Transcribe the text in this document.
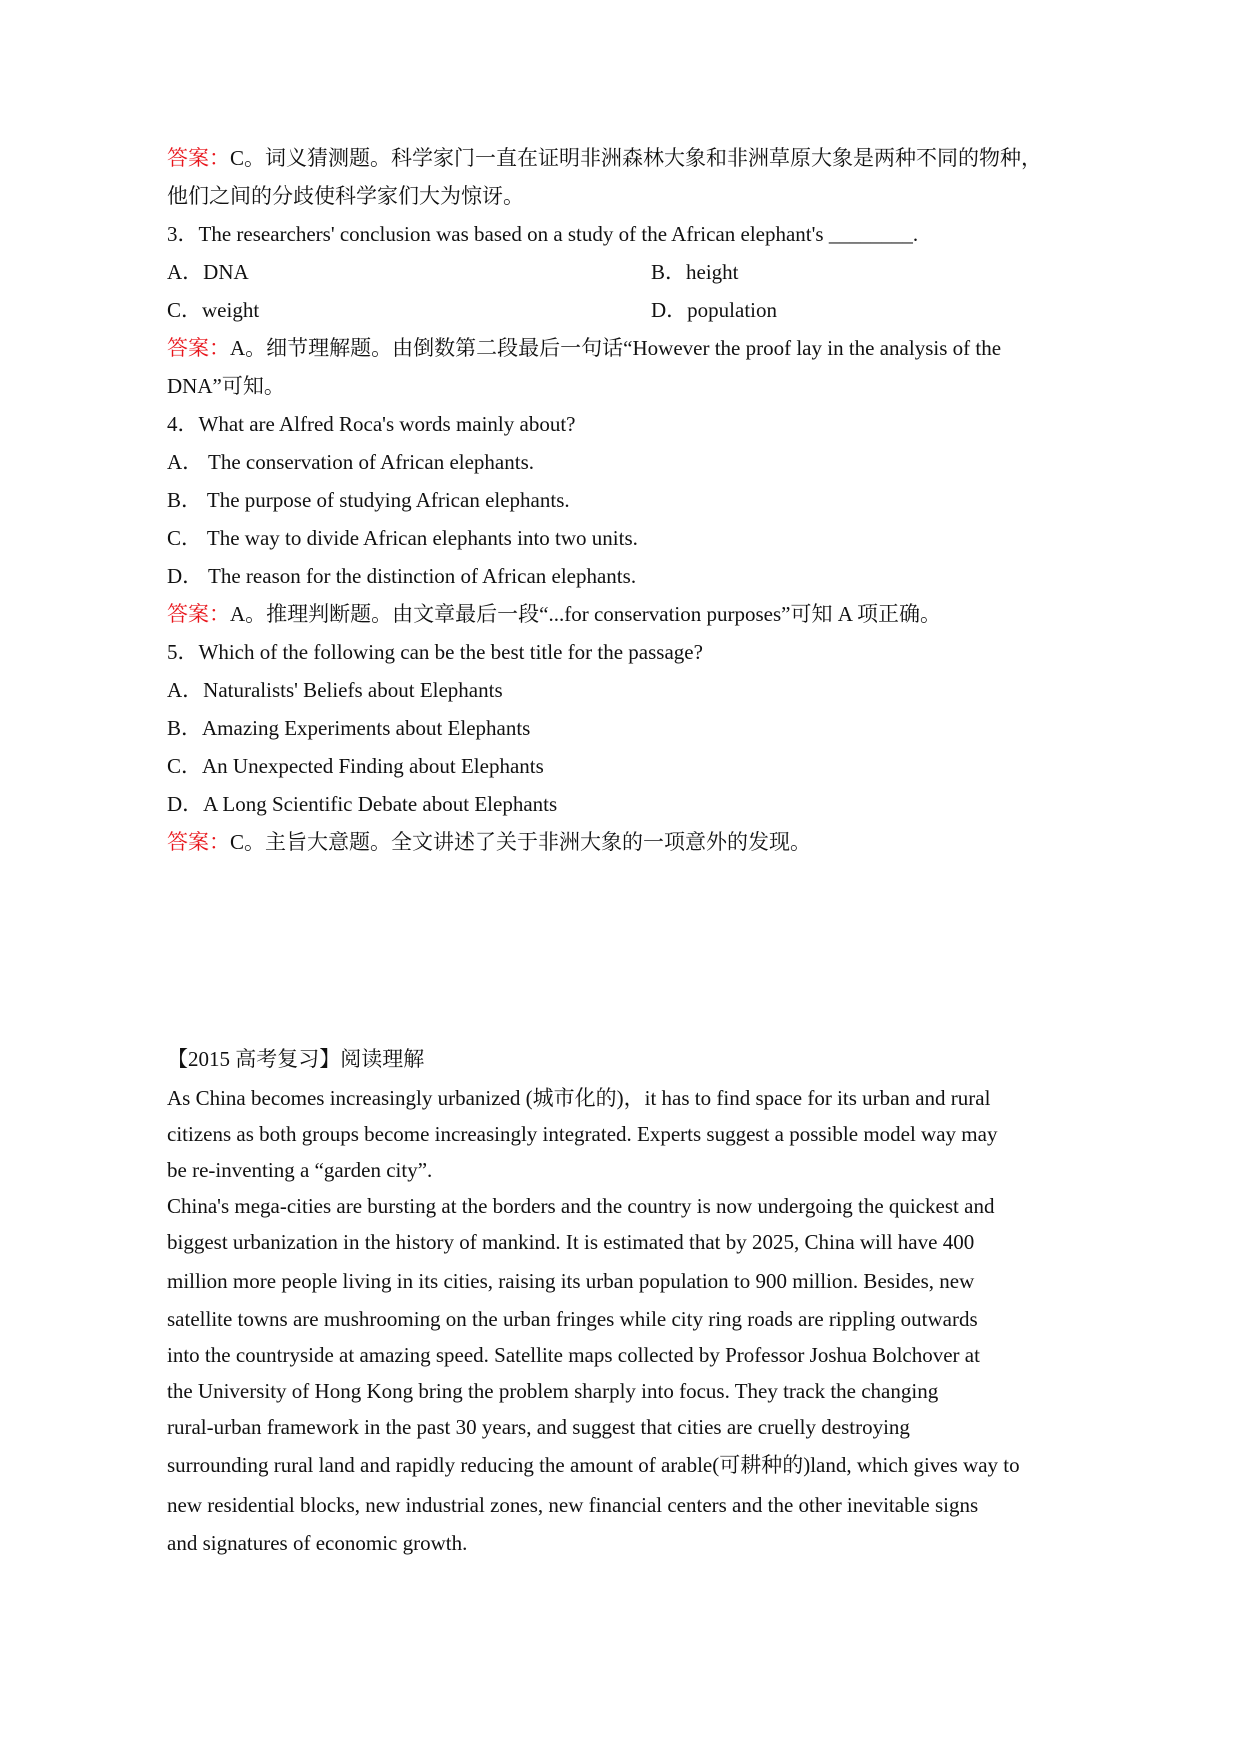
答案：C。词义猜测题。科学家门一直在证明非洲森林大象和非洲草原大象是两种不同的物种，
他们之间的分歧使科学家们大为惊讶。
3．The researchers' conclusion was based on a study of the African elephant's ________.
A．DNA	B．height
C．weight	D．population
答案：A。细节理解题。由倒数第二段最后一句话“However the proof lay in the analysis of the
DNA”可知。
4．What are Alfred Roca's words mainly about?
A． The conservation of African elephants.
B． The purpose of studying African elephants.
C． The way to divide African elephants into two units.
D． The reason for the distinction of African elephants.
答案：A。推理判断题。由文章最后一段“...for conservation purposes”可知 A 项正确。
5．Which of the following can be the best title for the passage?
A．Naturalists' Beliefs about Elephants
B．Amazing Experiments about Elephants
C．An Unexpected Finding about Elephants
D．A Long Scientific Debate about Elephants
答案：C。主旨大意题。全文讲述了关于非洲大象的一项意外的发现。
【2015 高考复习】阅读理解
As China becomes increasingly urbanized (城市化的)，it has to find space for its urban and rural
citizens as both groups become increasingly integrated. Experts suggest a possible model way may
be re-inventing a “garden city”.
China's mega-cities are bursting at the borders and the country is now undergoing the quickest and
biggest urbanization in the history of mankind. It is estimated that by 2025, China will have 400
million more people living in its cities, raising its urban population to 900 million. Besides, new
satellite towns are mushrooming on the urban fringes while city ring roads are rippling outwards
into the countryside at amazing speed. Satellite maps collected by Professor Joshua Bolchover at
the University of Hong Kong bring the problem sharply into focus. They track the changing
rural-urban framework in the past 30 years, and suggest that cities are cruelly destroying
surrounding rural land and rapidly reducing the amount of arable(可耕种的)land, which gives way to
new residential blocks, new industrial zones, new financial centers and the other inevitable signs
and signatures of economic growth.
